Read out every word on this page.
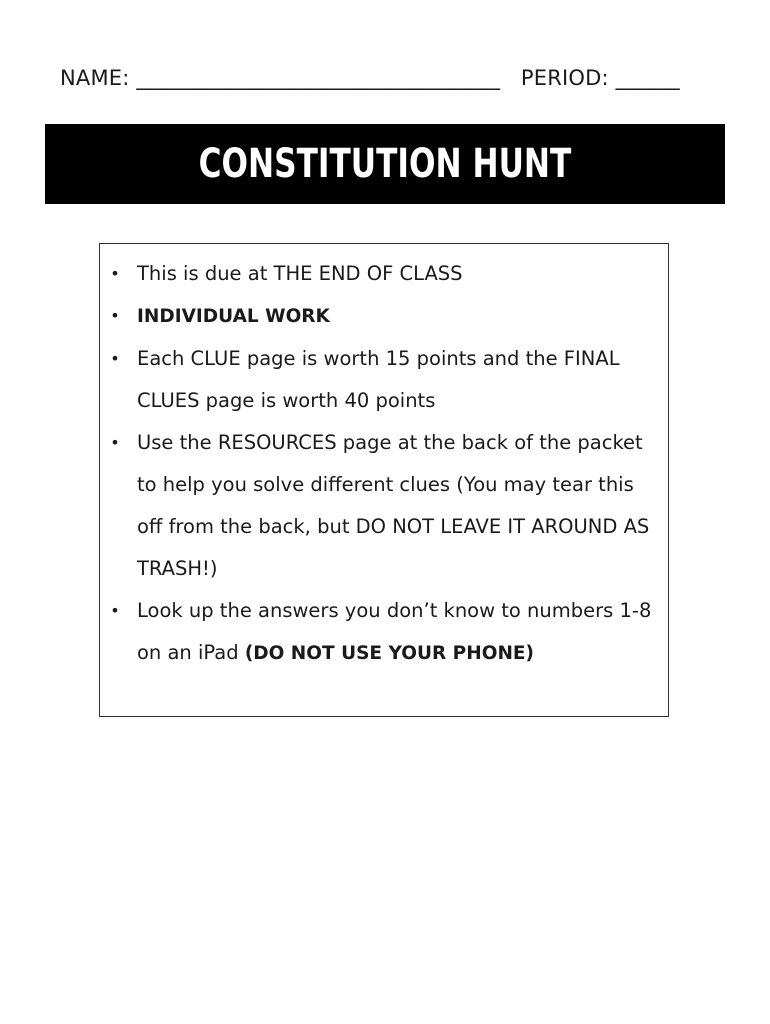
NAME: __________________________________ PERIOD: ______
CONSTITUTION HUNT
• This is due at THE END OF CLASS
• INDIVIDUAL WORK
• Each CLUE page is worth 15 points and the FINAL CLUES page is worth 40 points
• Use the RESOURCES page at the back of the packet to help you solve different clues (You may tear this off from the back, but DO NOT LEAVE IT AROUND AS TRASH!)
• Look up the answers you don’t know to numbers 1-8 on an iPad (DO NOT USE YOUR PHONE)
